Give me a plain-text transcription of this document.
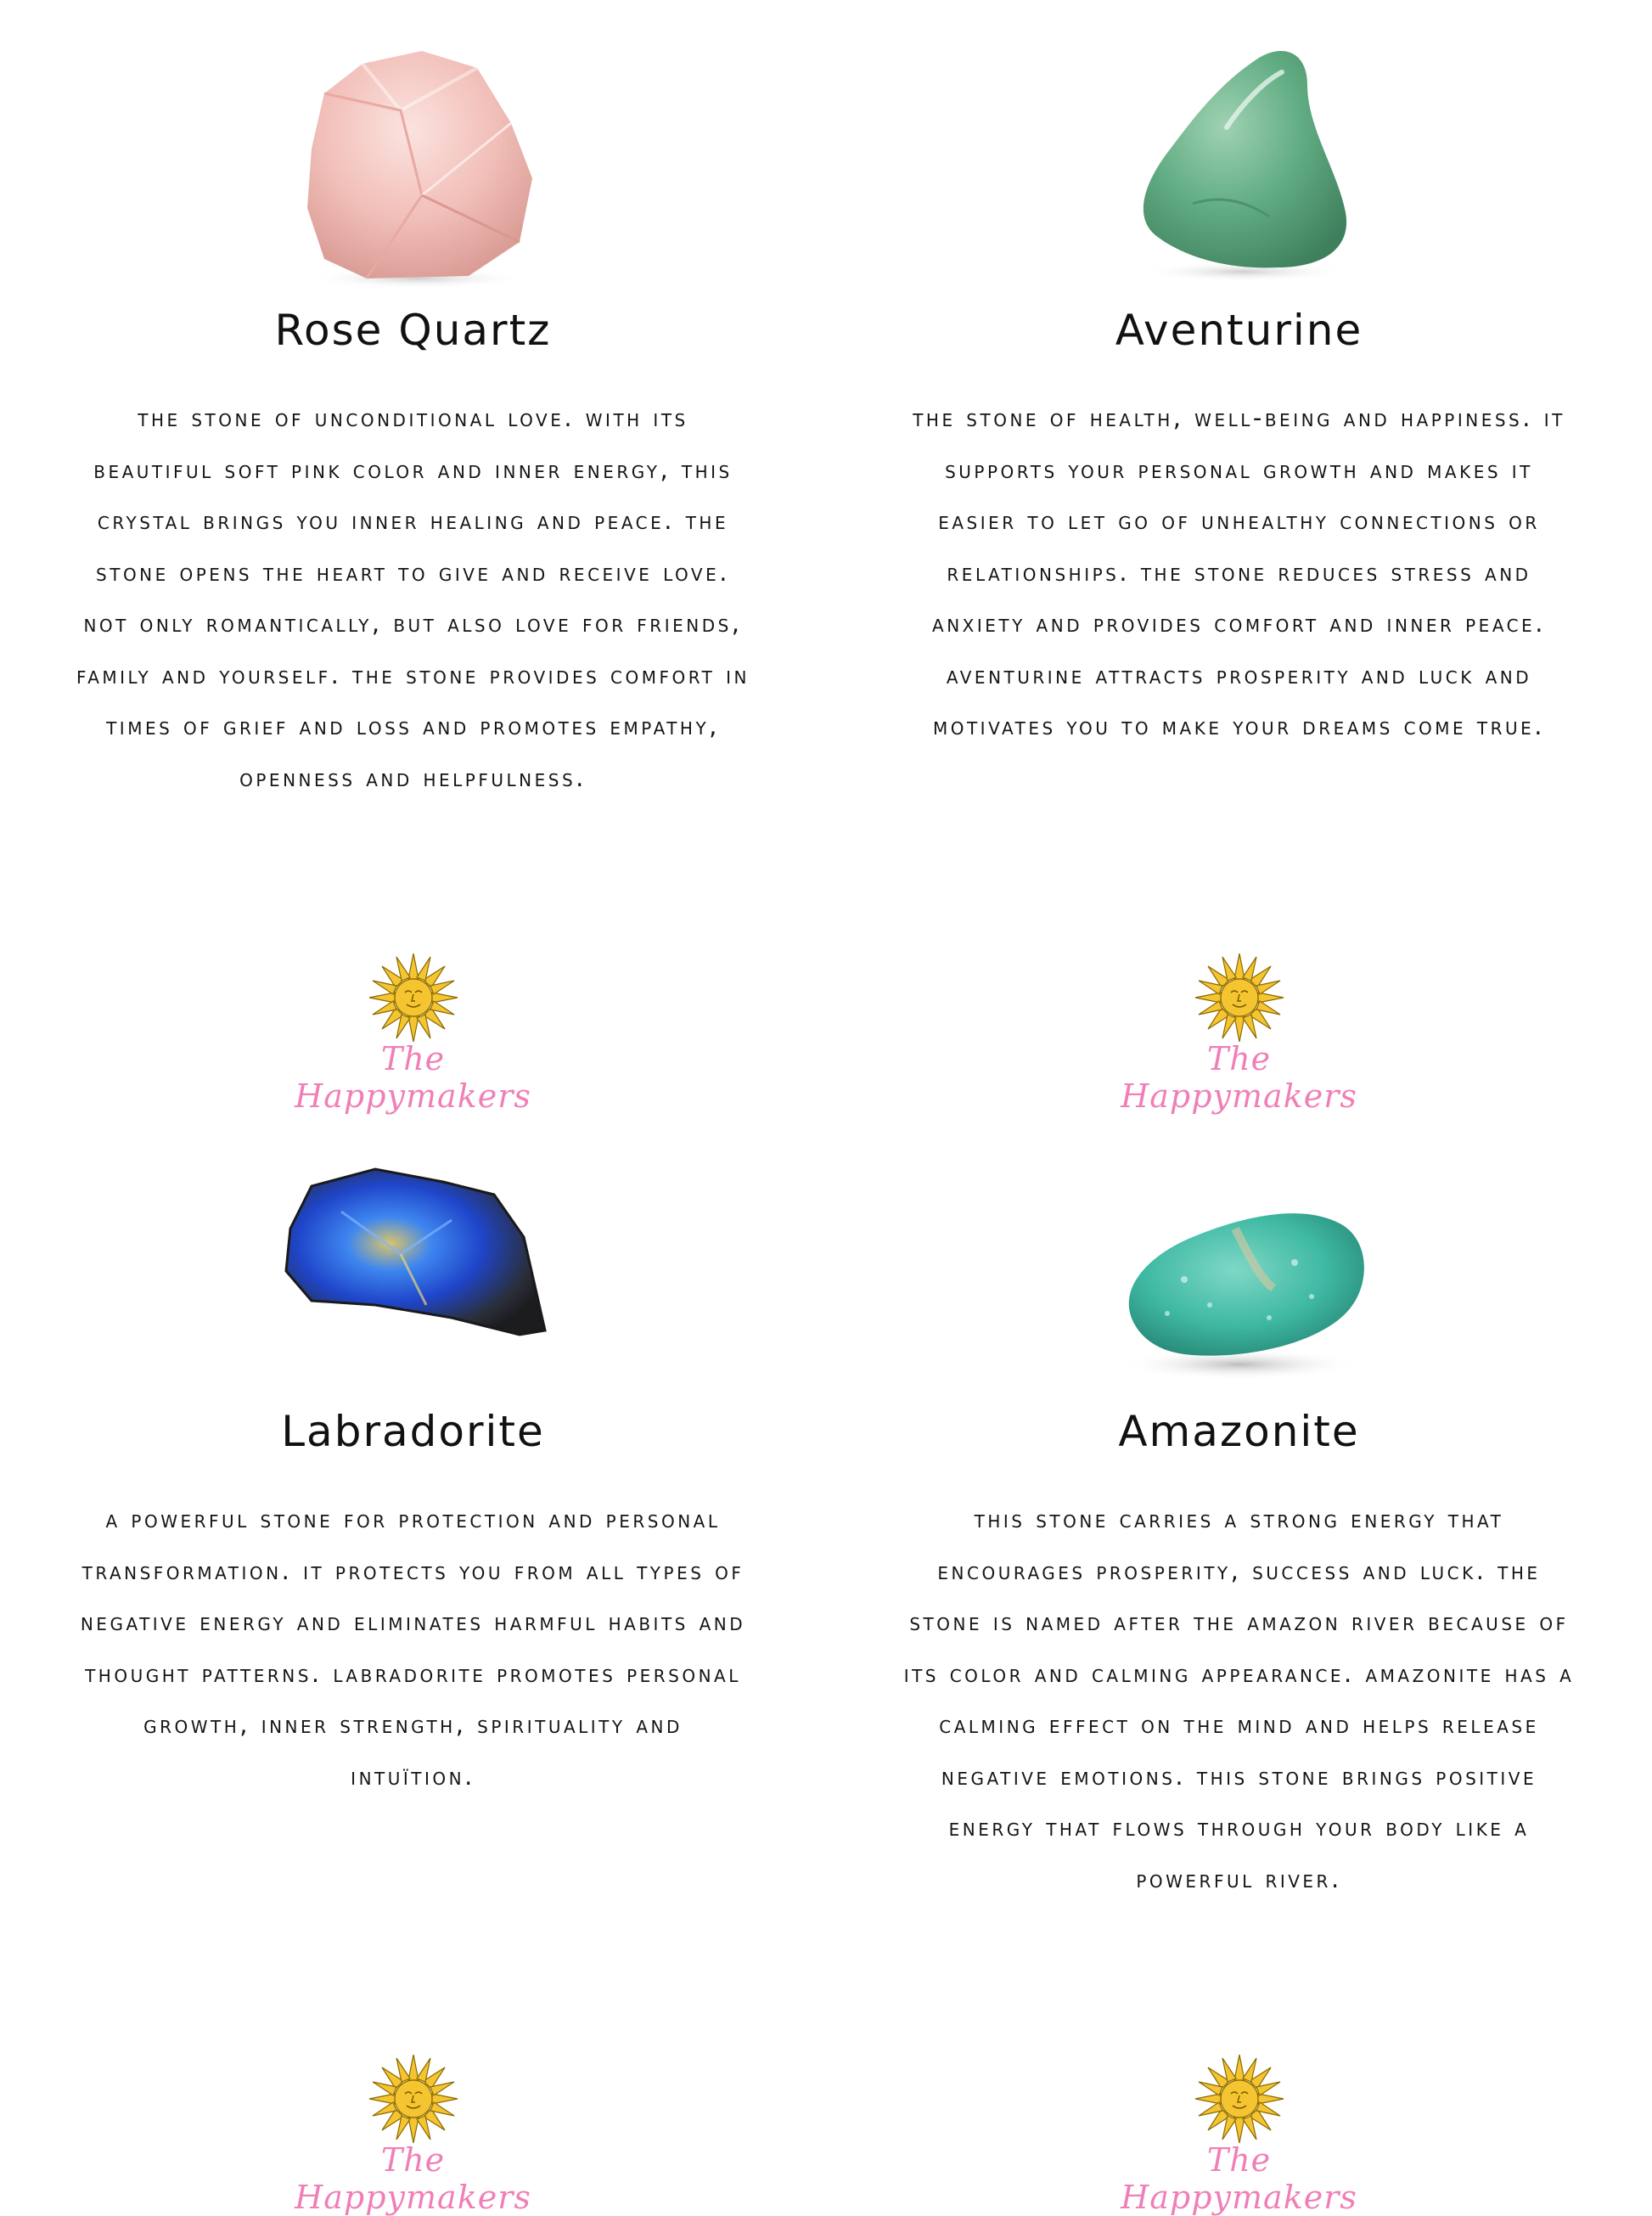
Rose Quartz

the stone of unconditional love. with its beautiful soft pink color and inner energy, this crystal brings you inner healing and peace. the stone opens the heart to give and receive love. not only romantically, but also love for friends, family and yourself. the stone provides comfort in times of grief and loss and promotes empathy, openness and helpfulness.

The Happymakers
Aventurine

the stone of health, well-being and happiness. it supports your personal growth and makes it easier to let go of unhealthy connections or relationships. the stone reduces stress and anxiety and provides comfort and inner peace. aventurine attracts prosperity and luck and motivates you to make your dreams come true.

The Happymakers
Labradorite

a powerful stone for protection and personal transformation. it protects you from all types of negative energy and eliminates harmful habits and thought patterns. labradorite promotes personal growth, inner strength, spirituality and intuïtion.

The Happymakers
Amazonite

this stone carries a strong energy that encourages prosperity, success and luck. the stone is named after the amazon river because of its color and calming appearance. amazonite has a calming effect on the mind and helps release negative emotions. this stone brings positive energy that flows through your body like a powerful river.

The Happymakers
